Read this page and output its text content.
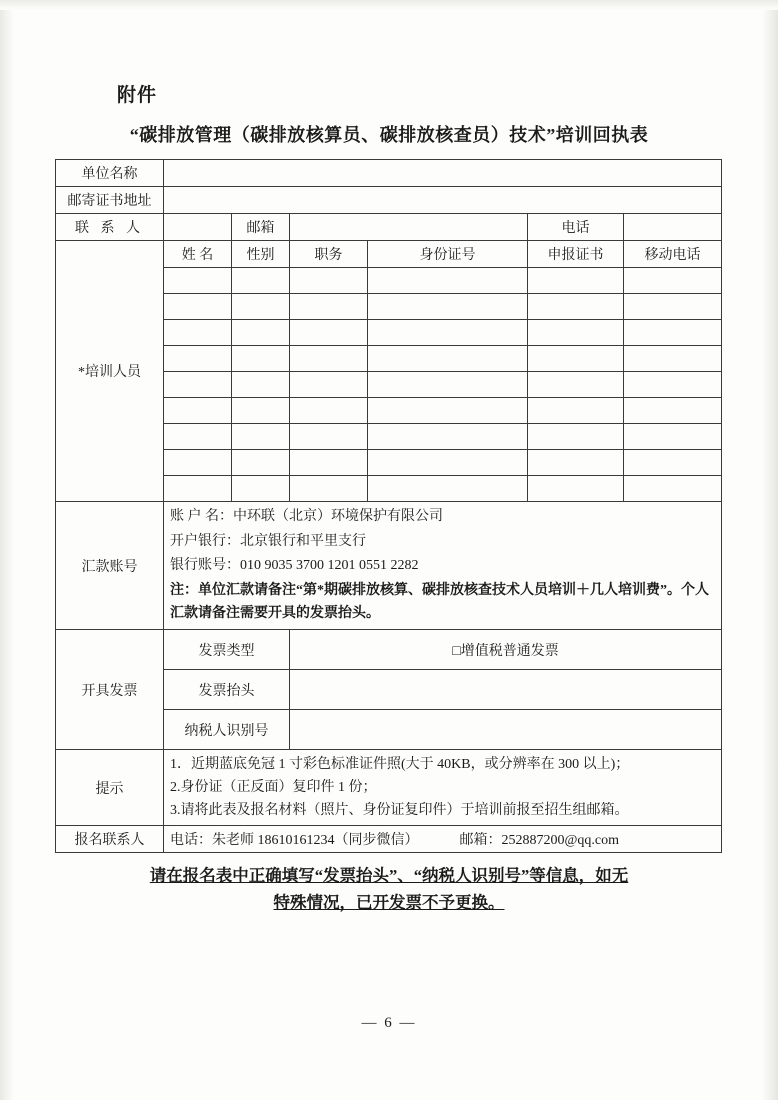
附件
“碳排放管理（碳排放核算员、碳排放核查员）技术”培训回执表
单位名称						
邮寄证书地址						
联 系 人		邮箱			电话	
*培训人员	姓 名	性别	职务	身份证号	申报证书	移动电话

汇款账号	账 户 名：中环联（北京）环境保护有限公司
开户银行：北京银行和平里支行
银行账号：010 9035 3700 1201 0551 2282
注：单位汇款请备注“第*期碳排放核算、碳排放核查技术人员培训＋几人培训费”。个人汇款请备注需要开具的发票抬头。					

开具发票	发票类型		□增值税普通发票			
	发票抬头					
	纳税人识别号					
提示	1．近期蓝底免冠 1 寸彩色标准证件照(大于 40KB，或分辨率在 300 以上)；
2.身份证（正反面）复印件 1 份；
3.请将此表及报名材料（照片、身份证复印件）于培训前报至招生组邮箱。					

报名联系人	电话：朱老师 18610161234（同步微信） 邮箱：252887200@qq.com					
请在报名表中正确填写“发票抬头”、“纳税人识别号”等信息，如无
特殊情况，已开发票不予更换。
— 6 —
